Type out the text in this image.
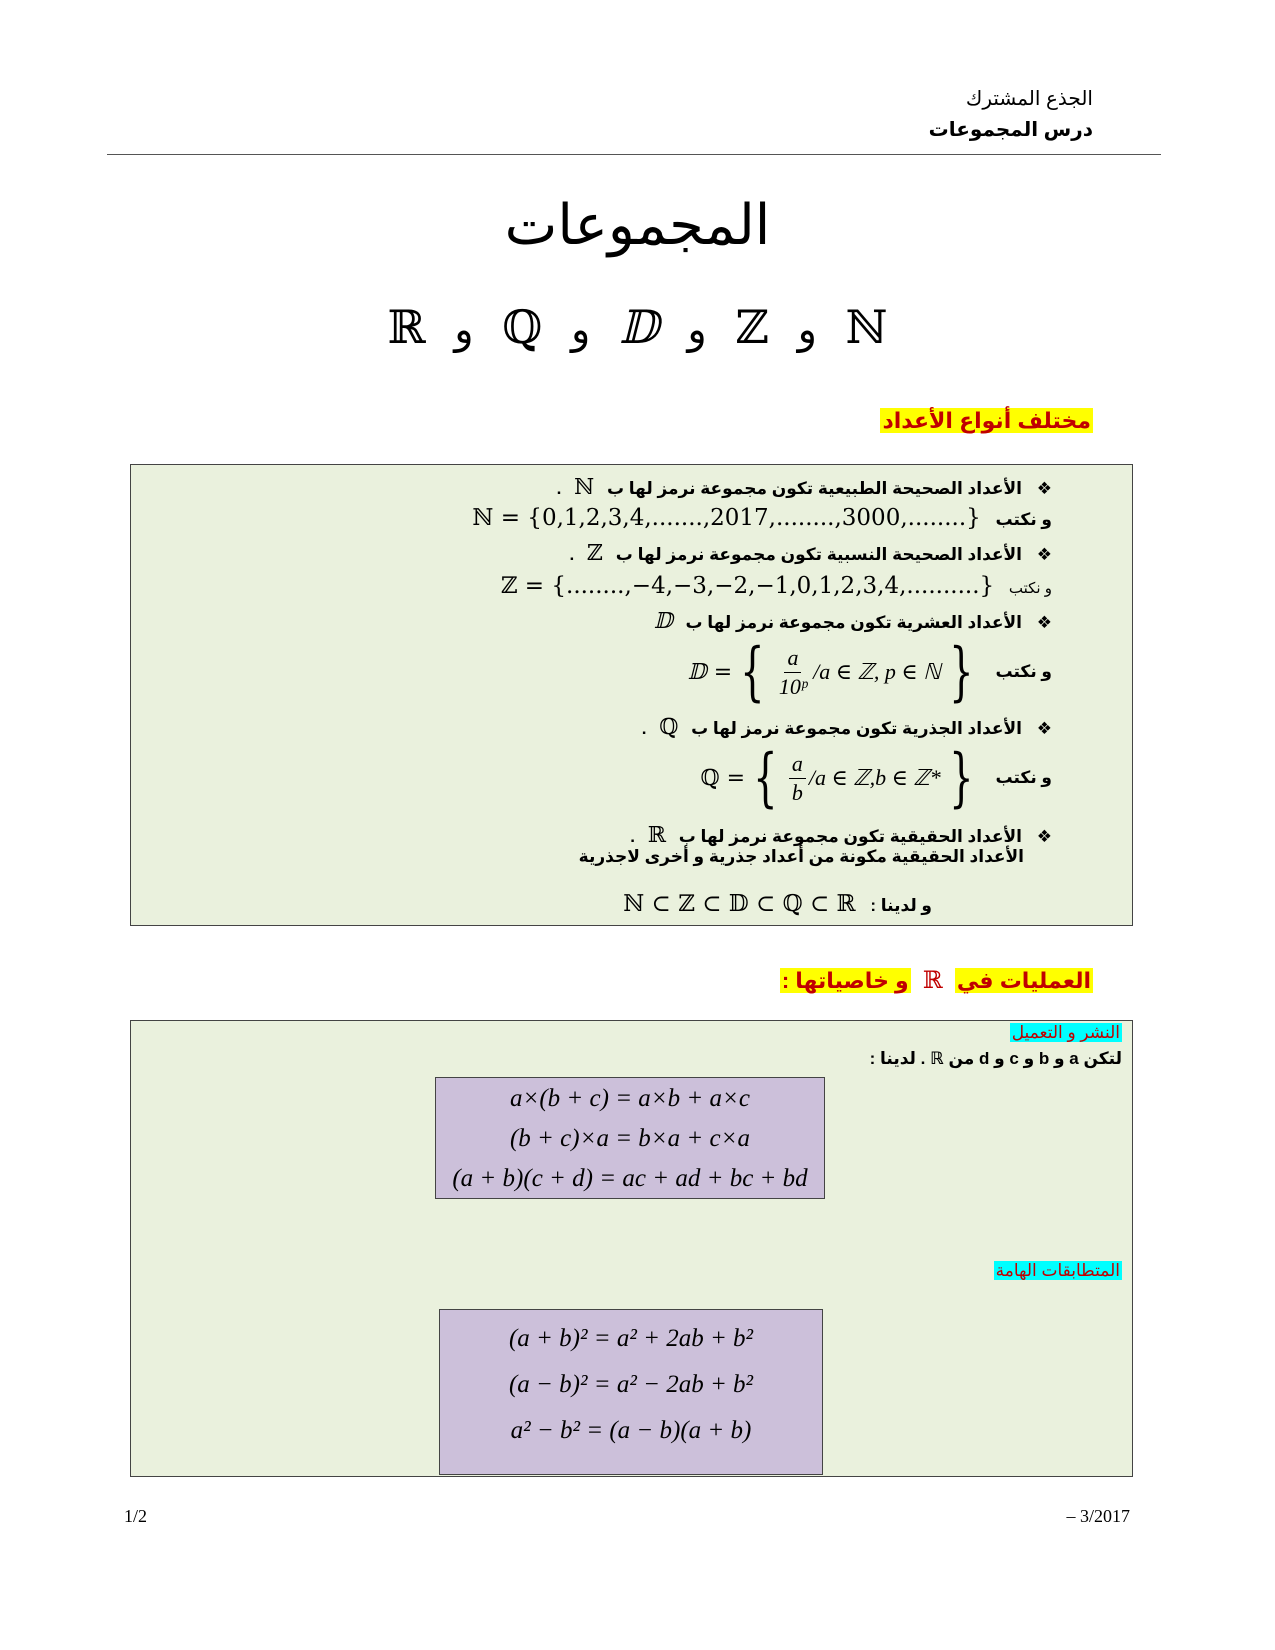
الجذع المشترك
درس المجموعات
المجموعات
ℝ و ℚ و 𝔻 و ℤ و ℕ
مختلف أنواع الأعداد
❖ الأعداد الصحيحة الطبيعية تكون مجموعة نرمز لها ب ℕ .
و نكتب ℕ = {0,1,2,3,4,.......,2017,........,3000,........}
❖ الأعداد الصحيحة النسبية تكون مجموعة نرمز لها ب ℤ .
و نكتب ℤ = {........,−4,−3,−2,−1,0,1,2,3,4,..........}
❖ الأعداد العشرية تكون مجموعة نرمز لها ب 𝔻
و نكتب
𝔻 = { $\frac{a}{\text{10ᵖ}} /a$ ∈ ℤ, p ∈ ℕ }
❖ الأعداد الجذرية تكون مجموعة نرمز لها ب ℚ .
و نكتب
ℚ = { $\frac{a}{b} /a$ ∈ ℤ,b ∈ ℤ* }
❖ الأعداد الحقيقية تكون مجموعة نرمز لها ب ℝ .
الأعداد الحقيقية مكونة من أعداد جذرية و أخرى لاجذرية
و لدينا : ℕ ⊂ ℤ ⊂ 𝔻 ⊂ ℚ ⊂ ℝ
العمليات في ℝ و خاصياتها :
النشر و التعميل
لتكن a و b و c و d من ℝ . لدينا :
a×(b + c) = a×b + a×c
(b + c)×a = b×a + c×a
(a + b)(c + d) = ac + ad + bc + bd
المتطابقات الهامة
(a + b)² = a² + 2ab + b²
(a − b)² = a² − 2ab + b²
a² − b² = (a − b)(a + b)
1/2	– 3/2017
